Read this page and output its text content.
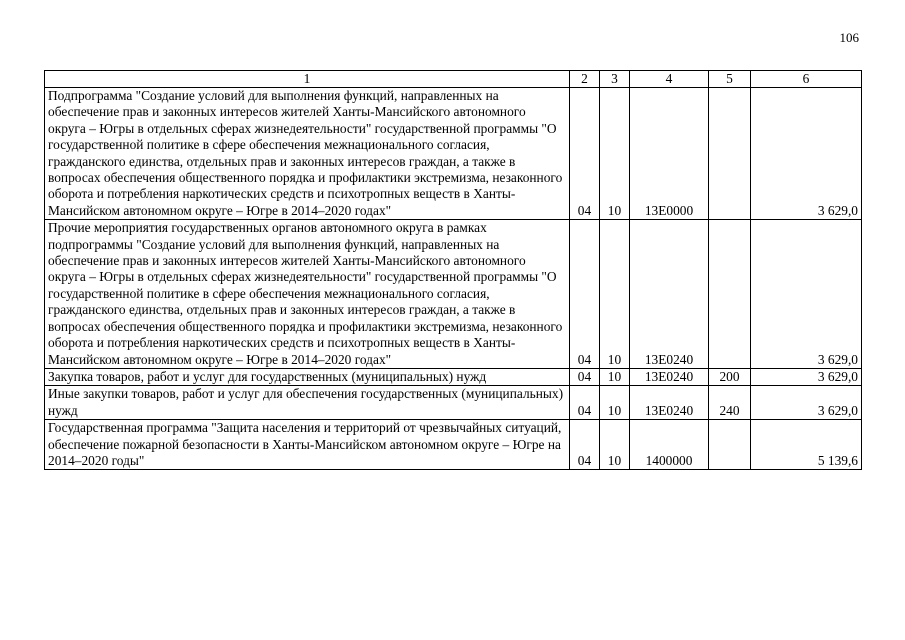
106
1	2	3	4	5	6

Подпрограмма "Создание условий для выполнения функций, направленных на обеспечение прав и законных интересов жителей Ханты-Мансийского автономного округа – Югры в отдельных сферах жизнедеятельности" государственной программы "О государственной политике в сфере обеспечения межнационального согласия, гражданского единства, отдельных прав и законных интересов граждан, а также в вопросах обеспечения общественного порядка и профилактики экстремизма, незаконного оборота и потребления наркотических средств и психотропных веществ в Ханты-Мансийском автономном округе – Югре в 2014–2020 годах"	04	10	13Е0000		3 629,0

Прочие мероприятия государственных органов автономного округа в рамках подпрограммы "Создание условий для выполнения функций, направленных на обеспечение прав и законных интересов жителей Ханты-Мансийского автономного округа – Югры в отдельных сферах жизнедеятельности" государственной программы "О государственной политике в сфере обеспечения межнационального согласия, гражданского единства, отдельных прав и законных интересов граждан, а также в вопросах обеспечения общественного порядка и профилактики экстремизма, незаконного оборота и потребления наркотических средств и психотропных веществ в Ханты-Мансийском автономном округе – Югре в 2014–2020 годах"	04	10	13Е0240		3 629,0

Закупка товаров, работ и услуг для государственных (муниципальных) нужд	04	10	13Е0240	200	3 629,0

Иные закупки товаров, работ и услуг для обеспечения государственных (муниципальных) нужд	04	10	13Е0240	240	3 629,0

Государственная программа "Защита населения и территорий от чрезвычайных ситуаций, обеспечение пожарной безопасности в Ханты-Мансийском автономном округе – Югре на 2014–2020 годы"	04	10	1400000		5 139,6
